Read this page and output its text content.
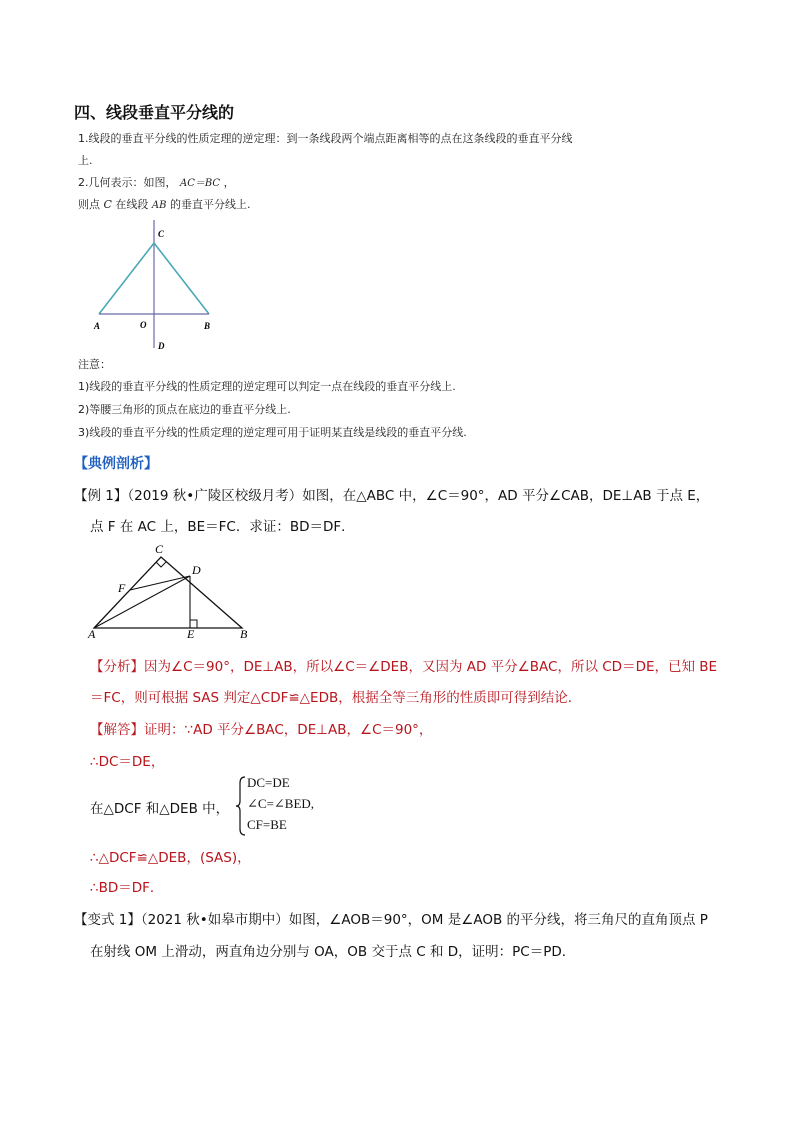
四、线段垂直平分线的
1.线段的垂直平分线的性质定理的逆定理：到一条线段两个端点距离相等的点在这条线段的垂直平分线
上.
2.几何表示：如图， AC＝BC ，
则点 C 在线段 AB 的垂直平分线上.
C
A	O	B
D
注意：
1)线段的垂直平分线的性质定理的逆定理可以判定一点在线段的垂直平分线上.
2)等腰三角形的顶点在底边的垂直平分线上.
3)线段的垂直平分线的性质定理的逆定理可用于证明某直线是线段的垂直平分线.
【典例剖析】
【例 1】（2019 秋•广陵区校级月考）如图，在△ABC 中，∠C＝90°，AD 平分∠CAB，DE⊥AB 于点 E，
点 F 在 AC 上，BE＝FC．求证：BD＝DF．
C
D
F
A	E	B
【分析】因为∠C＝90°，DE⊥AB，所以∠C＝∠DEB，又因为 AD 平分∠BAC，所以 CD＝DE，已知 BE
＝FC，则可根据 SAS 判定△CDF≌△EDB，根据全等三角形的性质即可得到结论．
【解答】证明：∵AD 平分∠BAC，DE⊥AB，∠C＝90°，
∴DC＝DE，
在△DCF 和△DEB 中，
DC=DE
∠C=∠BED,
CF=BE
∴△DCF≌△DEB，(SAS)，
∴BD＝DF．
【变式 1】（2021 秋•如皋市期中）如图，∠AOB＝90°，OM 是∠AOB 的平分线，将三角尺的直角顶点 P
在射线 OM 上滑动，两直角边分别与 OA，OB 交于点 C 和 D，证明：PC＝PD．
